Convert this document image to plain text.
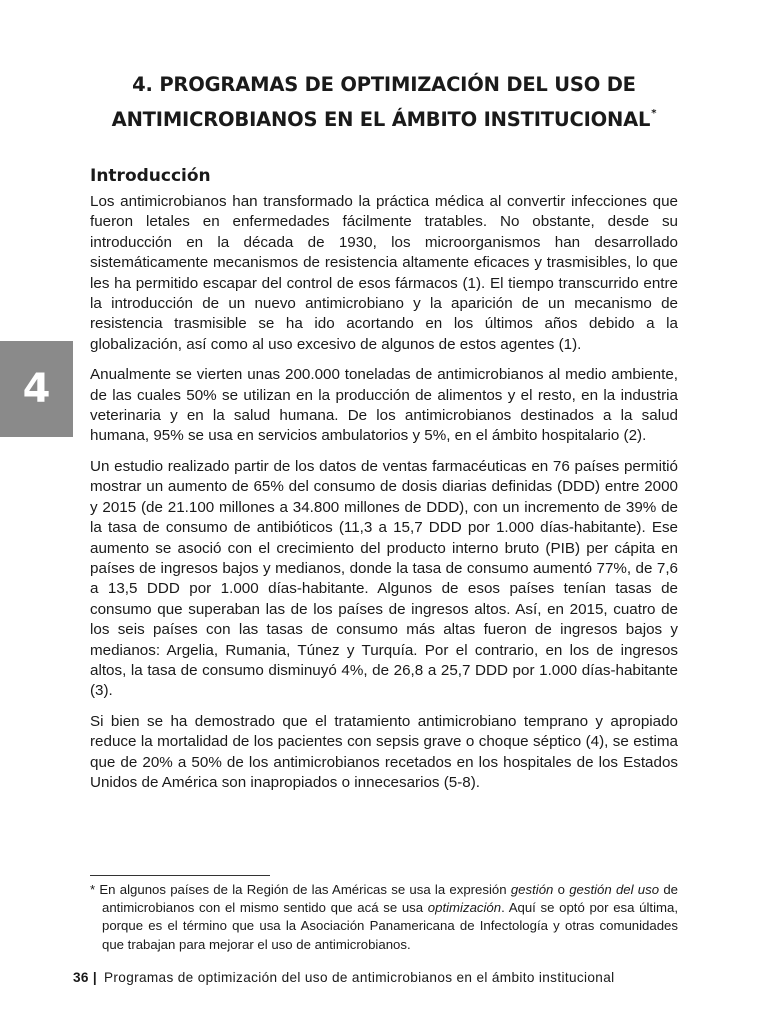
4
4. PROGRAMAS DE OPTIMIZACIÓN DEL USO DE
ANTIMICROBIANOS EN EL ÁMBITO INSTITUCIONAL*
Introducción

Los antimicrobianos han transformado la práctica médica al convertir infecciones que fueron letales en enfermedades fácilmente tratables. No obstante, desde su introducción en la década de 1930, los microorganismos han desarrollado sistemáticamente mecanismos de resistencia altamente eficaces y trasmisibles, lo que les ha permitido escapar del control de esos fármacos (1). El tiempo transcurrido entre la introducción de un nuevo antimicrobiano y la aparición de un mecanismo de resistencia trasmisible se ha ido acortando en los últimos años debido a la globalización, así como al uso excesivo de algunos de estos agentes (1).

Anualmente se vierten unas 200.000 toneladas de antimicrobianos al medio ambiente, de las cuales 50% se utilizan en la producción de alimentos y el resto, en la industria veterinaria y en la salud humana. De los antimicrobianos destinados a la salud humana, 95% se usa en servicios ambulatorios y 5%, en el ámbito hospitalario (2).

Un estudio realizado partir de los datos de ventas farmacéuticas en 76 países permitió mostrar un aumento de 65% del consumo de dosis diarias definidas (DDD) entre 2000 y 2015 (de 21.100 millones a 34.800 millones de DDD), con un incremento de 39% de la tasa de consumo de antibióticos (11,3 a 15,7 DDD por 1.000 días-habitante). Ese aumento se asoció con el crecimiento del producto interno bruto (PIB) per cápita en países de ingresos bajos y medianos, donde la tasa de consumo aumentó 77%, de 7,6 a 13,5 DDD por 1.000 días-habitante. Algunos de esos países tenían tasas de consumo que superaban las de los países de ingresos altos. Así, en 2015, cuatro de los seis países con las tasas de consumo más altas fueron de ingresos bajos y medianos: Argelia, Rumania, Túnez y Turquía. Por el contrario, en los de ingresos altos, la tasa de consumo disminuyó 4%, de 26,8 a 25,7 DDD por 1.000 días-habitante (3).

Si bien se ha demostrado que el tratamiento antimicrobiano temprano y apropiado reduce la mortalidad de los pacientes con sepsis grave o choque séptico (4), se estima que de 20% a 50% de los antimicrobianos recetados en los hospitales de los Estados Unidos de América son inapropiados o innecesarios (5-8).

* En algunos países de la Región de las Américas se usa la expresión gestión o gestión del uso de antimicrobianos con el mismo sentido que acá se usa optimización. Aquí se optó por esa última, porque es el término que usa la Asociación Panamericana de Infectología y otras comunidades que trabajan para mejorar el uso de antimicrobianos.
36 | Programas de optimización del uso de antimicrobianos en el ámbito institucional
